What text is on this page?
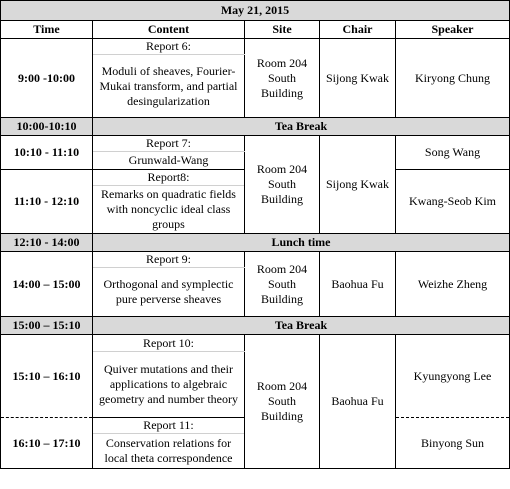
May 21, 2015				
Time	Content	Site	Chair	Speaker
9:00 -10:00	Report 6:	Room 204 South Building	Sijong Kwak	Kiryong Chung
	Moduli of sheaves, Fourier-Mukai transform, and partial desingularization			
10:00-10:10	Tea Break			
10:10 - 11:10	Report 7:	Room 204 South Building	Sijong Kwak	Song Wang
	Grunwald-Wang			
11:10 - 12:10	Report8:			Kwang-Seob Kim
	Remarks on quadratic fields with noncyclic ideal class groups			
12:10 - 14:00	Lunch time			
14:00 – 15:00	Report 9:	Room 204 South Building	Baohua Fu	Weizhe Zheng
	Orthogonal and symplectic pure perverse sheaves			
15:00 – 15:10	Tea Break			
15:10 – 16:10	Report 10:	Room 204 South Building	Baohua Fu	Kyungyong Lee
	Quiver mutations and their applications to algebraic geometry and number theory			
16:10 – 17:10	Report 11:			Binyong Sun
	Conservation relations for local theta correspondence			
